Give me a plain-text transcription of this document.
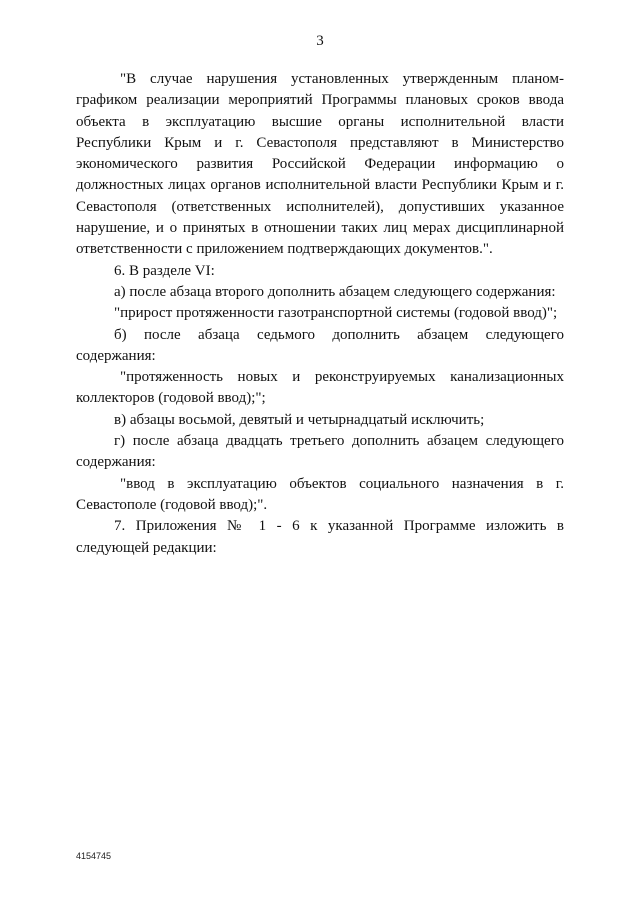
3

"В случае нарушения установленных утвержденным планом-графиком реализации мероприятий Программы плановых сроков ввода объекта в эксплуатацию высшие органы исполнительной власти Республики Крым и г. Севастополя представляют в Министерство экономического развития Российской Федерации информацию о должностных лицах органов исполнительной власти Республики Крым и г. Севастополя (ответственных исполнителей), допустивших указанное нарушение, и о принятых в отношении таких лиц мерах дисциплинарной ответственности с приложением подтверждающих документов.".

6. В разделе VI:

а) после абзаца второго дополнить абзацем следующего содержания:

"прирост протяженности газотранспортной системы (годовой ввод)";

б) после абзаца седьмого дополнить абзацем следующего содержания:

"протяженность новых и реконструируемых канализационных коллекторов (годовой ввод);";

в) абзацы восьмой, девятый и четырнадцатый исключить;

г) после абзаца двадцать третьего дополнить абзацем следующего содержания:

"ввод в эксплуатацию объектов социального назначения в г. Севастополе (годовой ввод);".

7. Приложения № 1 - 6 к указанной Программе изложить в следующей редакции:

4154745
